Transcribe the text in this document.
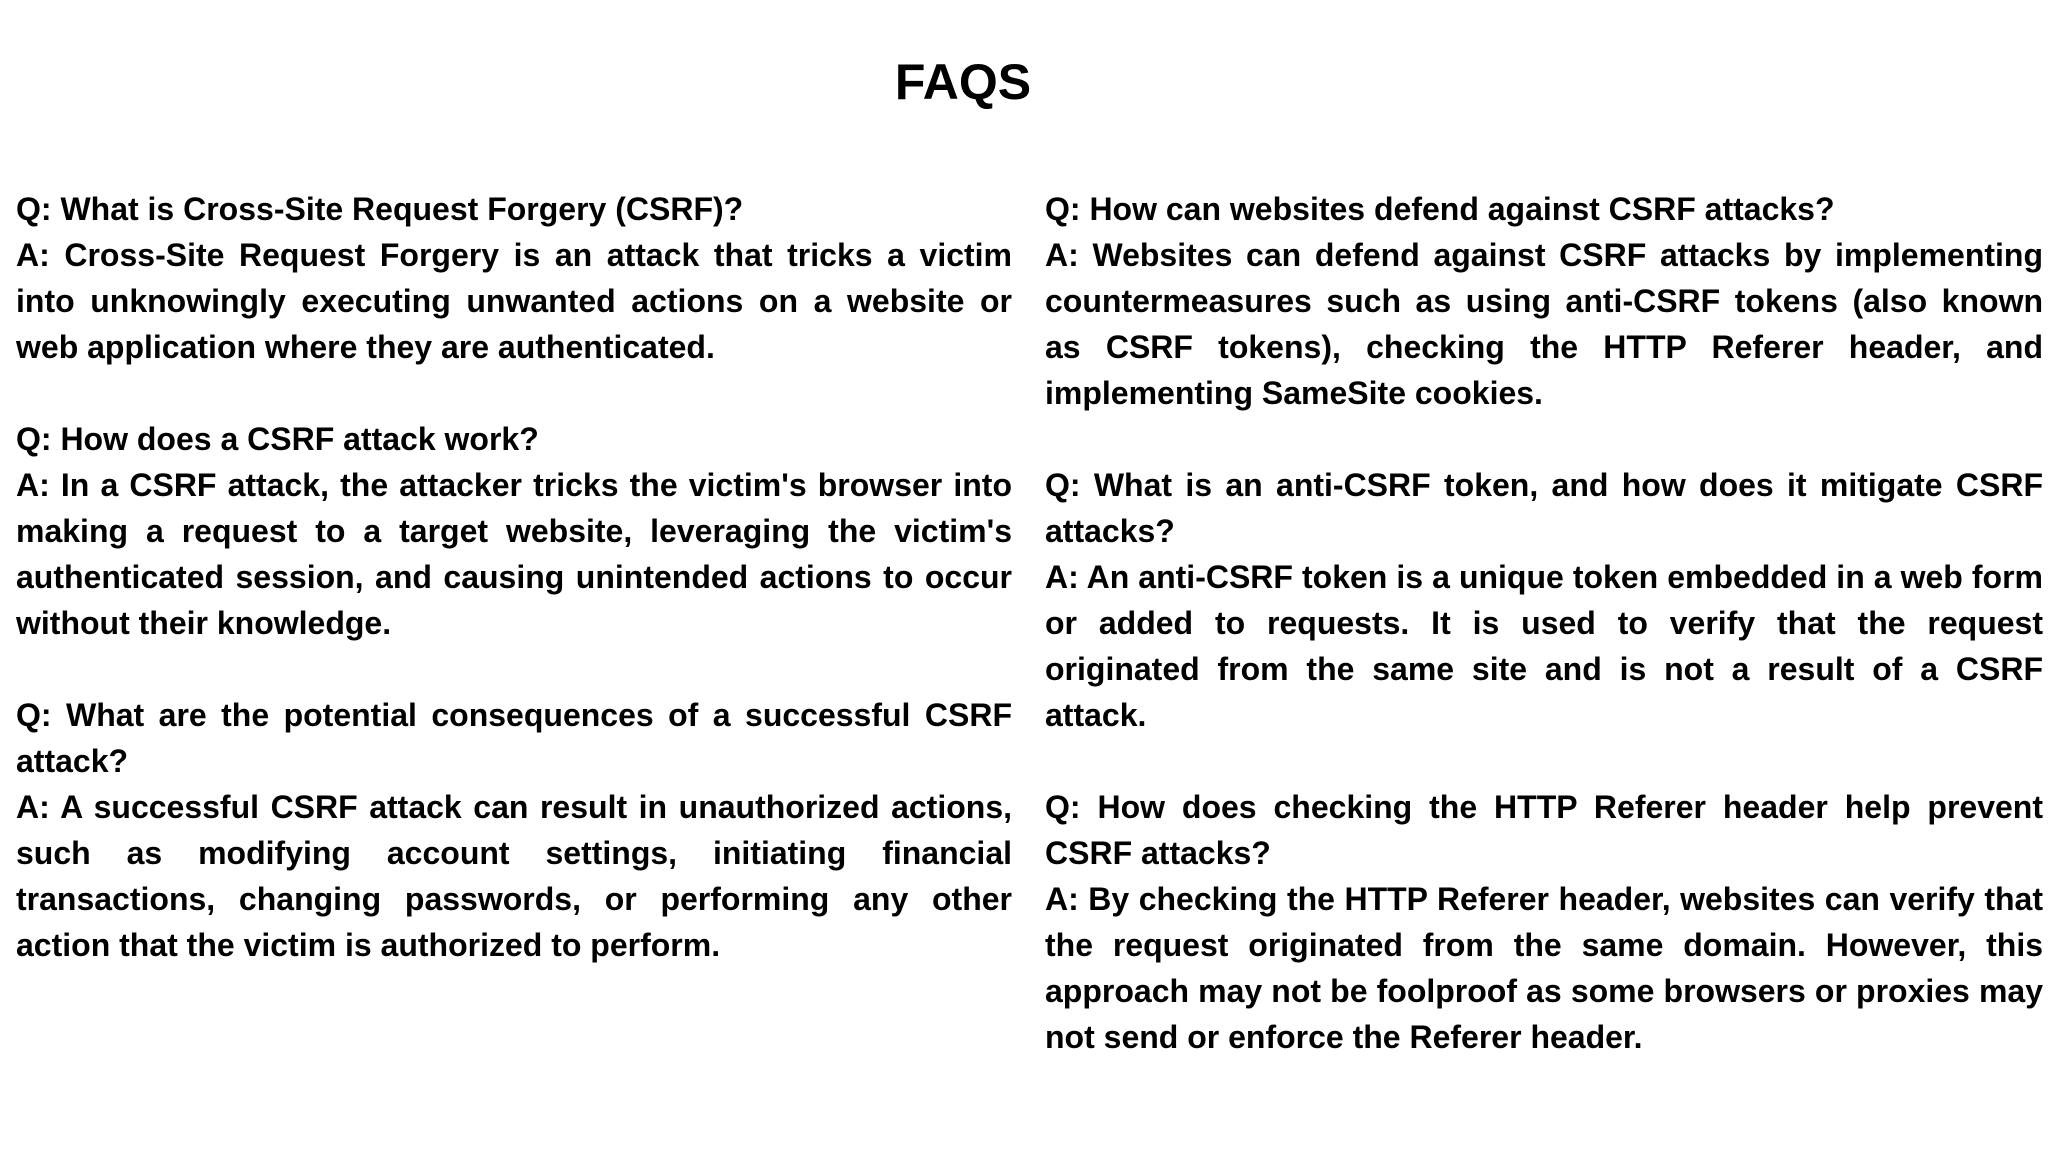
FAQS

Q: What is Cross-Site Request Forgery (CSRF)?

A: Cross-Site Request Forgery is an attack that tricks a victim into unknowingly executing unwanted actions on a website or web application where they are authenticated.

Q: How does a CSRF attack work?

A: In a CSRF attack, the attacker tricks the victim's browser into making a request to a target website, leveraging the victim's authenticated session, and causing unintended actions to occur without their knowledge.

Q: What are the potential consequences of a successful CSRF attack?

A: A successful CSRF attack can result in unauthorized actions, such as modifying account settings, initiating financial transactions, changing passwords, or performing any other action that the victim is authorized to perform.

Q: How can websites defend against CSRF attacks?

A: Websites can defend against CSRF attacks by implementing countermeasures such as using anti-CSRF tokens (also known as CSRF tokens), checking the HTTP Referer header, and implementing SameSite cookies.

Q: What is an anti-CSRF token, and how does it mitigate CSRF attacks?

A: An anti-CSRF token is a unique token embedded in a web form or added to requests. It is used to verify that the request originated from the same site and is not a result of a CSRF attack.

Q: How does checking the HTTP Referer header help prevent CSRF attacks?

A: By checking the HTTP Referer header, websites can verify that the request originated from the same domain. However, this approach may not be foolproof as some browsers or proxies may not send or enforce the Referer header.
